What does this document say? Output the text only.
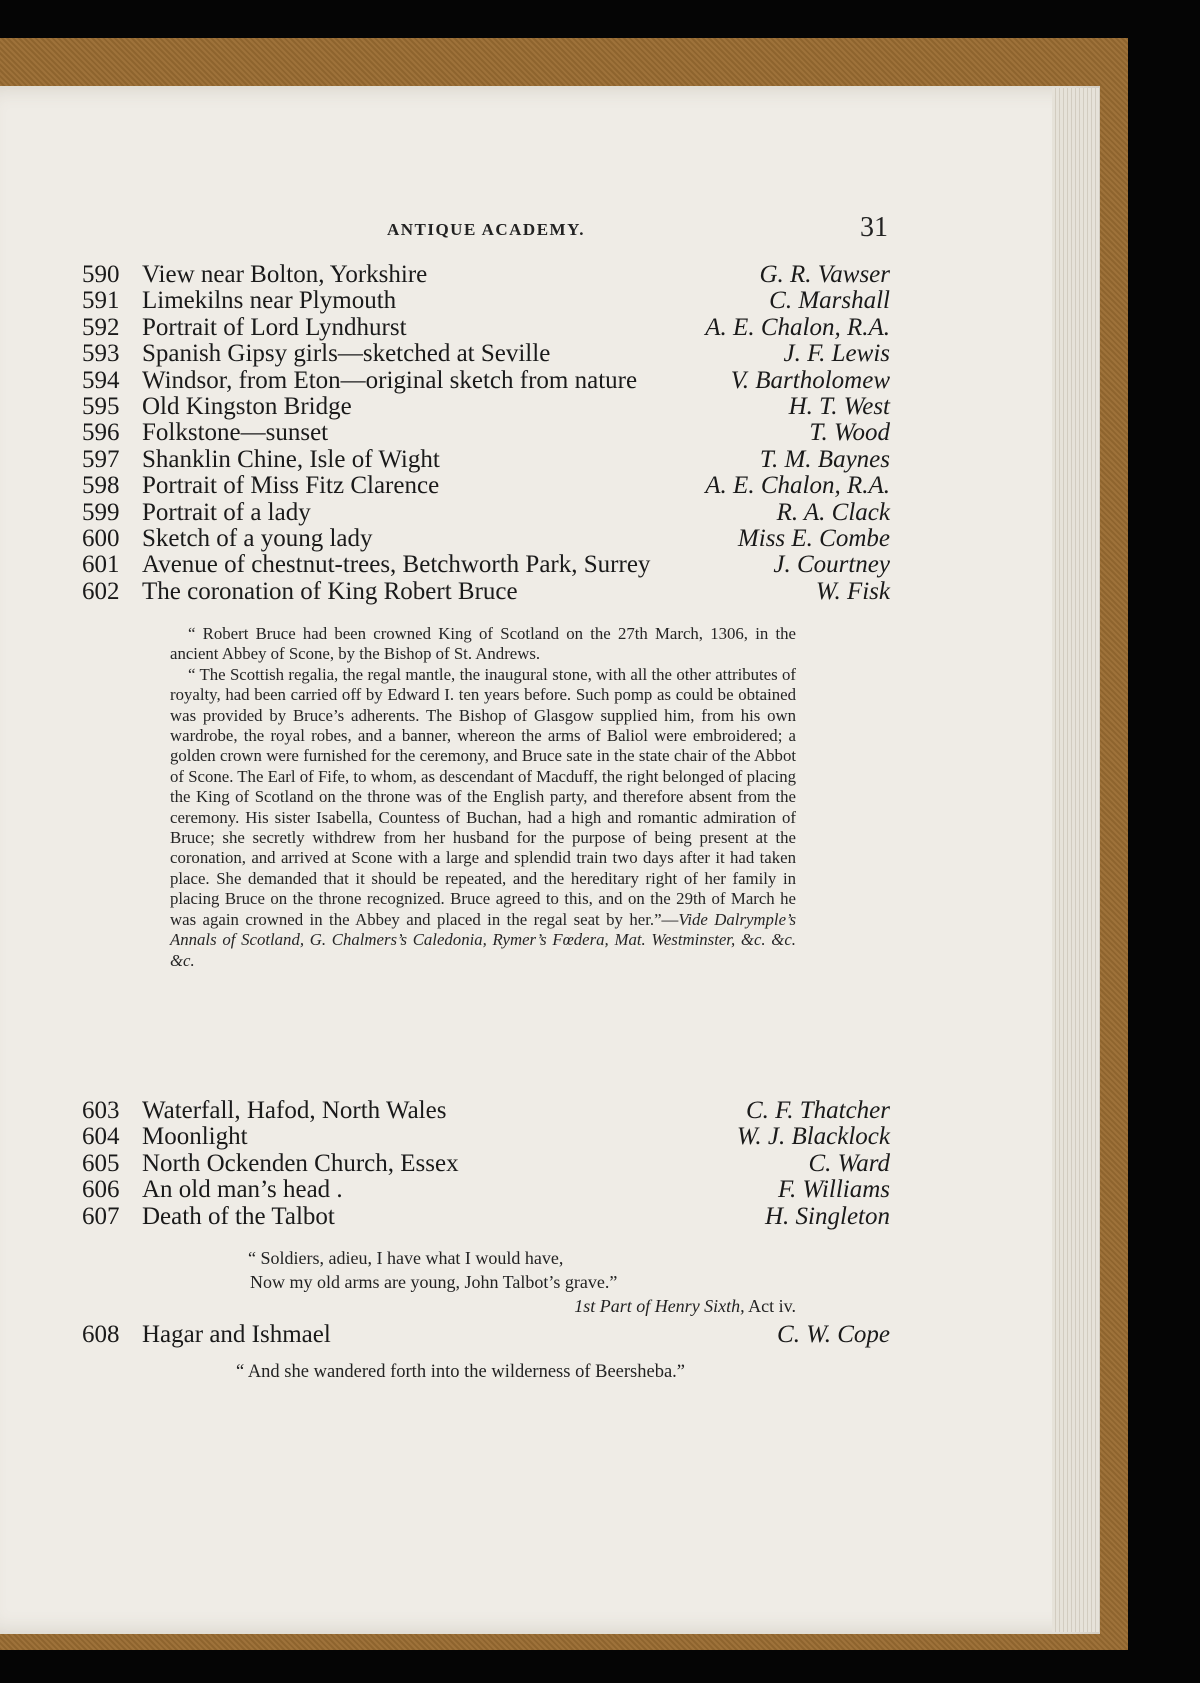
ANTIQUE ACADEMY.	31
590 View near Bolton, Yorkshire	G. R. Vawser
591 Limekilns near Plymouth	C. Marshall
592 Portrait of Lord Lyndhurst	A. E. Chalon, R.A.
593 Spanish Gipsy girls—sketched at Seville	J. F. Lewis
594 Windsor, from Eton—original sketch from nature	V. Bartholomew
595 Old Kingston Bridge	H. T. West
596 Folkstone—sunset	T. Wood
597 Shanklin Chine, Isle of Wight	T. M. Baynes
598 Portrait of Miss Fitz Clarence	A. E. Chalon, R.A.
599 Portrait of a lady	R. A. Clack
600 Sketch of a young lady	Miss E. Combe
601 Avenue of chestnut-trees, Betchworth Park, Surrey	J. Courtney
602 The coronation of King Robert Bruce	W. Fisk

“ Robert Bruce had been crowned King of Scotland on the 27th March, 1306, in the ancient Abbey of Scone, by the Bishop of St. Andrews.

“ The Scottish regalia, the regal mantle, the inaugural stone, with all the other attributes of royalty, had been carried off by Edward I. ten years before. Such pomp as could be obtained was provided by Bruce’s adherents. The Bishop of Glasgow supplied him, from his own wardrobe, the royal robes, and a banner, whereon the arms of Baliol were embroidered; a golden crown were furnished for the ceremony, and Bruce sate in the state chair of the Abbot of Scone. The Earl of Fife, to whom, as descendant of Macduff, the right belonged of placing the King of Scotland on the throne was of the English party, and therefore absent from the ceremony. His sister Isabella, Countess of Buchan, had a high and romantic admiration of Bruce; she secretly withdrew from her husband for the purpose of being present at the coronation, and arrived at Scone with a large and splendid train two days after it had taken place. She demanded that it should be repeated, and the hereditary right of her family in placing Bruce on the throne recognized. Bruce agreed to this, and on the 29th of March he was again crowned in the Abbey and placed in the regal seat by her.”—Vide Dalrymple’s Annals of Scotland, G. Chalmers’s Caledonia, Rymer’s Fœdera, Mat. Westminster, &c. &c. &c.

603 Waterfall, Hafod, North Wales	C. F. Thatcher
604 Moonlight	W. J. Blacklock
605 North Ockenden Church, Essex	C. Ward
606 An old man’s head .	F. Williams
607 Death of the Talbot	H. Singleton
“ Soldiers, adieu, I have what I would have,
Now my old arms are young, John Talbot’s grave.”
1st Part of Henry Sixth, Act iv.
608 Hagar and Ishmael	C. W. Cope
“ And she wandered forth into the wilderness of Beersheba.”
